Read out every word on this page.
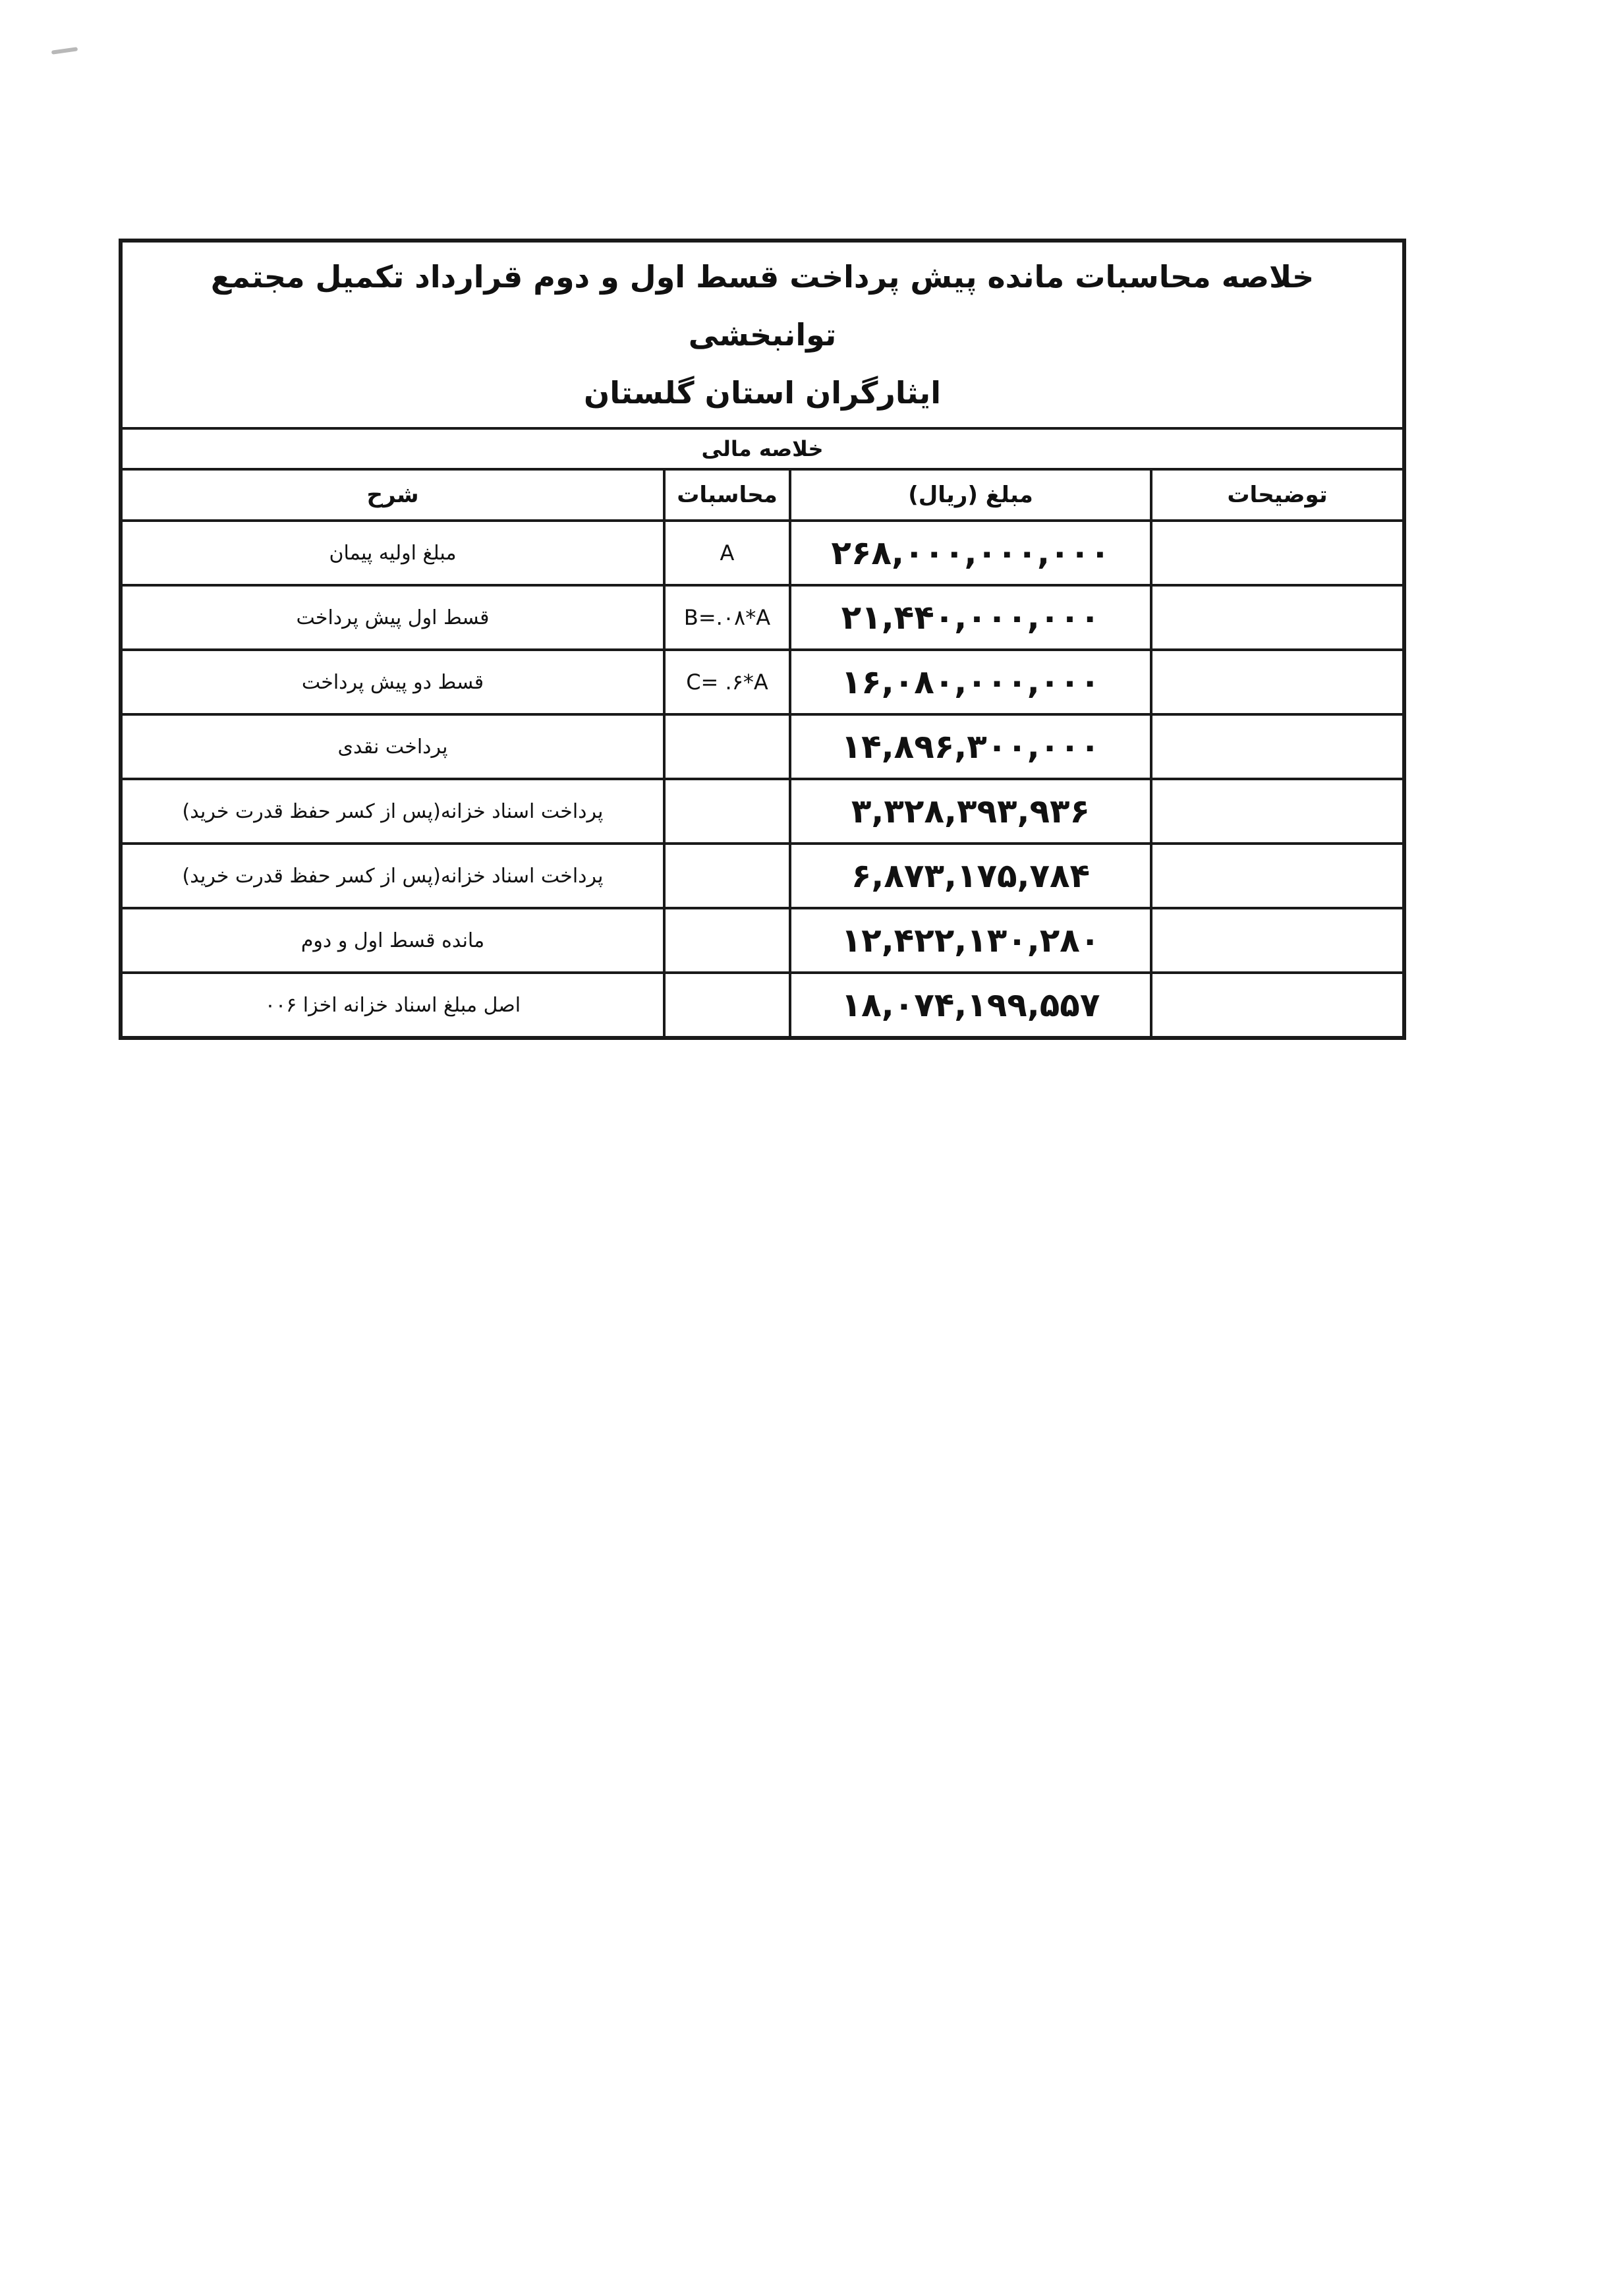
خلاصه محاسبات مانده پیش پرداخت قسط اول و دوم قرارداد تکمیل مجتمع توانبخشی
ایثارگران استان گلستان			

خلاصه مالی			
شرح	محاسبات	مبلغ (ریال)	توضیحات
مبلغ اولیه پیمان	A	۲۶۸,۰۰۰,۰۰۰,۰۰۰	
قسط اول پیش پرداخت	B=.۰۸*A	۲۱,۴۴۰,۰۰۰,۰۰۰	
قسط دو پیش پرداخت	C= .۶*A	۱۶,۰۸۰,۰۰۰,۰۰۰	
پرداخت نقدی		۱۴,۸۹۶,۳۰۰,۰۰۰	
پرداخت اسناد خزانه(پس از کسر حفظ قدرت خرید)		۳,۳۲۸,۳۹۳,۹۳۶	
پرداخت اسناد خزانه(پس از کسر حفظ قدرت خرید)		۶,۸۷۳,۱۷۵,۷۸۴	
مانده قسط اول و دوم		۱۲,۴۲۲,۱۳۰,۲۸۰	
اصل مبلغ اسناد خزانه اخزا ۰۰۶		۱۸,۰۷۴,۱۹۹,۵۵۷	
